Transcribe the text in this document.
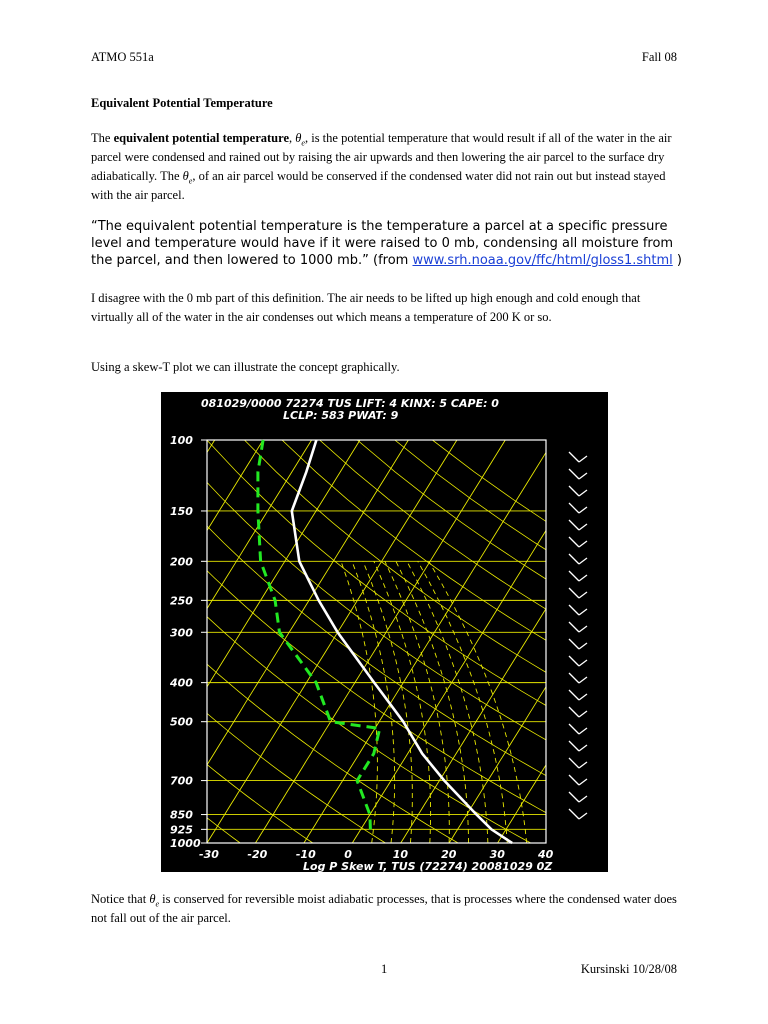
ATMO 551a	Fall 08
Equivalent Potential Temperature
The equivalent potential temperature, $\theta_e$, is the potential temperature that would result if all of the water in the air parcel were condensed and rained out by raising the air upwards and then lowering the air parcel to the surface dry adiabatically. The $\theta_e$, of an air parcel would be conserved if the condensed water did not rain out but instead stayed with the air parcel.
“The equivalent potential temperature is the temperature a parcel at a specific pressure level and temperature would have if it were raised to 0 mb, condensing all moisture from the parcel, and then lowered to 1000 mb.” (from www.srh.noaa.gov/ffc/html/gloss1.shtml )
I disagree with the 0 mb part of this definition. The air needs to be lifted up high enough and cold enough that virtually all of the water in the air condenses out which means a temperature of 200 K or so.
Using a skew-T plot we can illustrate the concept graphically.
081029/0000 72274 TUS LIFT: 4 KINX: 5 CAPE: 0
LCLP: 583 PWAT: 9
100
150
200
250
300
400
500
700
850
925
1000
-30	-20	-10	0	10	20	30	40
Log P Skew T, TUS (72274) 20081029 0Z
Notice that $\theta_e$ is conserved for reversible moist adiabatic processes, that is processes where the condensed water does not fall out of the air parcel.
1	Kursinski 10/28/08
